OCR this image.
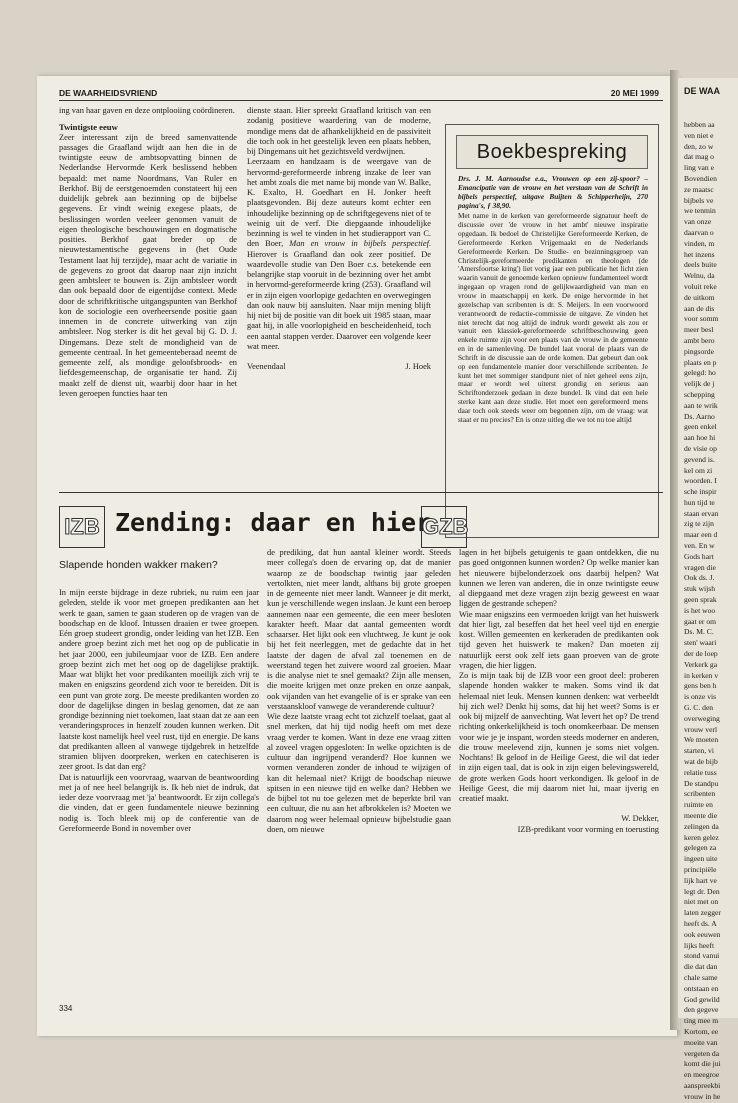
DE WAARHEIDSVRIEND	20 MEI 1999

ing van haar gaven en deze ontplooiing coördineren.

Twintigste eeuw

Zeer interessant zijn de breed samenvattende passages die Graafland wijdt aan hen die in de twintigste eeuw de ambtsopvatting binnen de Nederlandse Hervormde Kerk beslissend hebben bepaald: met name Noordmans, Van Ruler en Berkhof. Bij de eerstgenoemden constateert hij een duidelijk gebrek aan bezinning op de bijbelse gegevens. Er vindt weinig exegese plaats, de beslissingen worden veeleer genomen vanuit de eigen theologische beschouwingen en dogmatische posities. Berkhof gaat breder op de nieuwtestamentische gegevens in (het Oude Testament laat hij terzijde), maar acht de variatie in de gegevens zo groot dat daarop naar zijn inzicht geen ambtsleer te bouwen is. Zijn ambtsleer wordt dan ook bepaald door de eigentijdse context. Mede door de schriftkritische uitgangspunten van Berkhof kon de sociologie een overheersende positie gaan innemen in de concrete uitwerking van zijn ambtsleer. Nog sterker is dit het geval bij G. D. J. Dingemans. Deze stelt de mondigheid van de gemeente centraal. In het gemeenteberaad neemt de gemeente zelf, als mondige geloofsbroods- en liefdesgemeenschap, de organisatie ter hand. Zij maakt zelf de dienst uit, waarbij door haar in het leven geroepen functies haar ten

dienste staan. Hier spreekt Graafland kritisch van een zodanig positieve waardering van de moderne, mondige mens dat de afhankelijkheid en de passiviteit die toch ook in het geestelijk leven een plaats hebben, bij Dingemans uit het gezichtsveld verdwijnen.

Leerzaam en handzaam is de weergave van de hervormd-gereformeerde inbreng inzake de leer van het ambt zoals die met name bij monde van W. Balke, K. Exalto, H. Goedhart en H. Jonker heeft plaatsgevonden. Bij deze auteurs komt echter een inhoudelijke bezinning op de schriftgegevens niet of te weinig uit de verf. Die diepgaande inhoudelijke bezinning is wel te vinden in het studierapport van C. den Boer, Man en vrouw in bijbels perspectief. Hierover is Graafland dan ook zeer positief. De waardevolle studie van Den Boer c.s. betekende een belangrijke stap vooruit in de bezinning over het ambt in hervormd-gereformeerde kring (253). Graafland wil er in zijn eigen voorlopige gedachten en overwegingen dan ook nauw bij aansluiten. Naar mijn mening blijft hij niet bij de positie van dit boek uit 1985 staan, maar gaat hij, in alle voorlopigheid en bescheidenheid, toch een aantal stappen verder. Daarover een volgende keer wat meer.

Veenendaal	J. Hoek
Boekbespreking
Drs. J. M. Aarnoudse e.a., Vrouwen op een zij-spoor? – Emancipatie van de vrouw en het verstaan van de Schrift in bijbels perspectief, uitgave Buijten & Schipperheijn, 270 pagina's, ƒ 38,90.
Met name in de kerken van gereformeerde signatuur heeft de discussie over 'de vrouw in het ambt' nieuwe inspiratie opgedaan. Ik bedoel de Christelijke Gereformeerde Kerken, de Gereformeerde Kerken Vrijgemaakt en de Nederlands Gereformeerde Kerken. De Studie- en bezinningsgroep van Christelijk-gereformeerde predikanten en theologen (de 'Amersfoortse kring') liet vorig jaar een publicatie het licht zien waarin vanuit de genoemde kerken opnieuw fundamenteel wordt ingegaan op vragen rond de gelijkwaardigheid van man en vrouw in maatschappij en kerk. De enige hervormde in het gezelschap van scribenten is dr. S. Meijers. In een voorwoord verantwoordt de redactie-commissie de uitgave. Ze vinden het niet terecht dat nog altijd de indruk wordt gewekt als zou er vanuit een klassiek-gereformeerde schriftbeschouwing geen enkele ruimte zijn voor een plaats van de vrouw in de gemeente en in de samenleving. De bundel laat vooral de plaats van de Schrift in de discussie aan de orde komen. Dat gebeurt dan ook op een fundamentele manier door verschillende scribenten. Je kunt het met sommiger standpunt niet of niet geheel eens zijn, maar er wordt wel uiterst grondig en serieus aan Schriftonderzoek gedaan in deze bundel. Ik vind dat een hele sterke kant aan deze studie. Het moet een gereformeerd mens daar toch ook steeds weer om begonnen zijn, om de vraag: wat staat er nu precies? En is onze uitleg die we tot nu toe altijd
IZB Zending: daar en hier
GZB
Slapende honden wakker maken?

In mijn eerste bijdrage in deze rubriek, nu ruim een jaar geleden, stelde ik voor met groepen predikanten aan het werk te gaan, samen te gaan studeren op de vragen van de boodschap en de kloof. Intussen draaien er twee groepen. Eén groep studeert grondig, onder leiding van het IZB. Een andere groep bezint zich met het oog op de publicatie in het jaar 2000, een jubileumjaar voor de IZB. Een andere groep bezint zich met het oog op de dagelijkse praktijk. Maar wat blijkt het voor predikanten moeilijk zich vrij te maken en enigszins geordend zich voor te bereiden. Dit is een punt van grote zorg. De meeste predikanten worden zo door de dagelijkse dingen in beslag genomen, dat ze aan grondige bezinning niet toekomen, laat staan dat ze aan een veranderingsproces in henzelf zouden kunnen werken. Dit laatste kost namelijk heel veel rust, tijd en energie. De kans dat predikanten alleen al vanwege tijdgebrek in hetzelfde stramien blijven doorpreken, werken en catechiseren is zeer groot. Is dat dan erg?

Dat is natuurlijk een voorvraag, waarvan de beantwoording met ja of nee heel belangrijk is. Ik heb niet de indruk, dat ieder deze voorvraag met 'ja' beantwoordt. Er zijn collega's die vinden, dat er geen fundamentele nieuwe bezinning nodig is. Toch bleek mij op de conferentie van de Gereformeerde Bond in november over

de prediking, dat hun aantal kleiner wordt. Steeds meer collega's doen de ervaring op, dat de manier waarop ze de boodschap twintig jaar geleden vertolkten, niet meer landt, althans bij grote groepen in de gemeente niet meer landt. Wanneer je dit merkt, kun je verschillende wegen inslaan. Je kunt een beroep aannemen naar een gemeente, die een meer besloten karakter heeft. Maar dat aantal gemeenten wordt schaarser. Het lijkt ook een vluchtweg. Je kunt je ook bij het feit neerleggen, met de gedachte dat in het laatste der dagen de afval zal toenemen en de weerstand tegen het zuivere woord zal groeien. Maar is die analyse niet te snel gemaakt? Zijn alle mensen, die moeite krijgen met onze preken en onze aanpak, ook vijanden van het evangelie of is er sprake van een verstaanskloof vanwege de veranderende cultuur?

Wie deze laatste vraag echt tot zichzelf toelaat, gaat al snel merken, dat hij tijd nodig heeft om met deze vraag verder te komen. Want in deze ene vraag zitten al zoveel vragen opgesloten: In welke opzichten is de cultuur dan ingrijpend veranderd? Hoe kunnen we vormen veranderen zonder de inhoud te wijzigen of kan dit helemaal niet? Krijgt de boodschap nieuwe spitsen in een nieuwe tijd en welke dan? Hebben we de bijbel tot nu toe gelezen met de beperkte bril van een cultuur, die nu aan het afbrokkelen is? Moeten we daarom nog weer helemaal opnieuw bijbelstudie gaan doen, om nieuwe

lagen in het bijbels getuigenis te gaan ontdekken, die nu pas goed ontgonnen kunnen worden? Op welke manier kan het nieuwere bijbelonderzoek ons daarbij helpen? Wat kunnen we leren van anderen, die in onze twintigste eeuw al diepgaand met deze vragen zijn bezig geweest en waar liggen de gestrande schepen?

Wie maar enigszins een vermoeden krijgt van het huiswerk dat hier ligt, zal beseffen dat het heel veel tijd en energie kost. Willen gemeenten en kerkeraden de predikanten ook tijd geven het huiswerk te maken? Dan moeten zij natuurlijk eerst ook zelf iets gaan proeven van de grote vragen, die hier liggen.

Zo is mijn taak bij de IZB voor een groot deel: proberen slapende honden wakker te maken. Soms vind ik dat helemaal niet leuk. Mensen kunnen denken: wat verbeeldt hij zich wel? Denkt hij soms, dat hij het weet? Soms is er ook bij mijzelf de aanvechting. Wat levert het op? De trend richting onkerkelijkheid is toch onomkeerbaar. De mensen voor wie je je inspant, worden steeds moderner en anderen, die trouw meelevend zijn, kunnen je soms niet volgen. Nochtans! Ik geloof in de Heilige Geest, die wil dat ieder in zijn eigen taal, dat is ook in zijn eigen belevingswereld, de grote werken Gods hoort verkondigen. Ik geloof in de Heilige Geest, die mij daarom niet lui, maar ijverig en creatief maakt.

W. Dekker,
IZB-predikant voor vorming en toerusting
334
DE WAA
hebben aa
ven niet e
den, zo w
dat mag o
ling van e
Bovendien
ze maatsc
bijbels ve
we tenmin
van onze
daarvan o
vinden, m
het inzens
deels buite
Welnu, da
voluit reke
de uitkom
aan de dis
voor somm
meer besl
ambt bero
pingsorde
plaats en p
gelegd: ho
velijk de j
schepping
aan te wrik
Ds. Aarno
geen enkel
aan hoe hi
de visie op
gevend is.
kel om zi
woorden. I
sche inspir
hun tijd te
staan ervan
zig te zijn
maar een d
ven. En w
Gods hart
vragen die
Ook ds. J.
stuk wijsh
geen sprak
is het woo
gaat er om
Ds. M. C.
sten' waari
der de loep
Verkerk ga
in kerken v
gens ben h
is onze vis
G. C. den
overweging
vrouw verl
We moeten
starten, vi
wat de bijb
relatie tuss
De standpu
scribenten
ruimte en
meente die
zelingen da
keren gelez
gelegen za
ingeen uite
principiële
lijk hart ve
legt dr. Den
niet met on
laten zegger
heeft ds. A
ook eeuwen
lijks heeft
stond vanui
die dat dan
chale same
ontstaan en
God gewild
den gegeve
ting mee m
Kortom, ee
moeite van
vergeten da
komt die jui
en meegroe
aanspreekbi
vrouw in he
